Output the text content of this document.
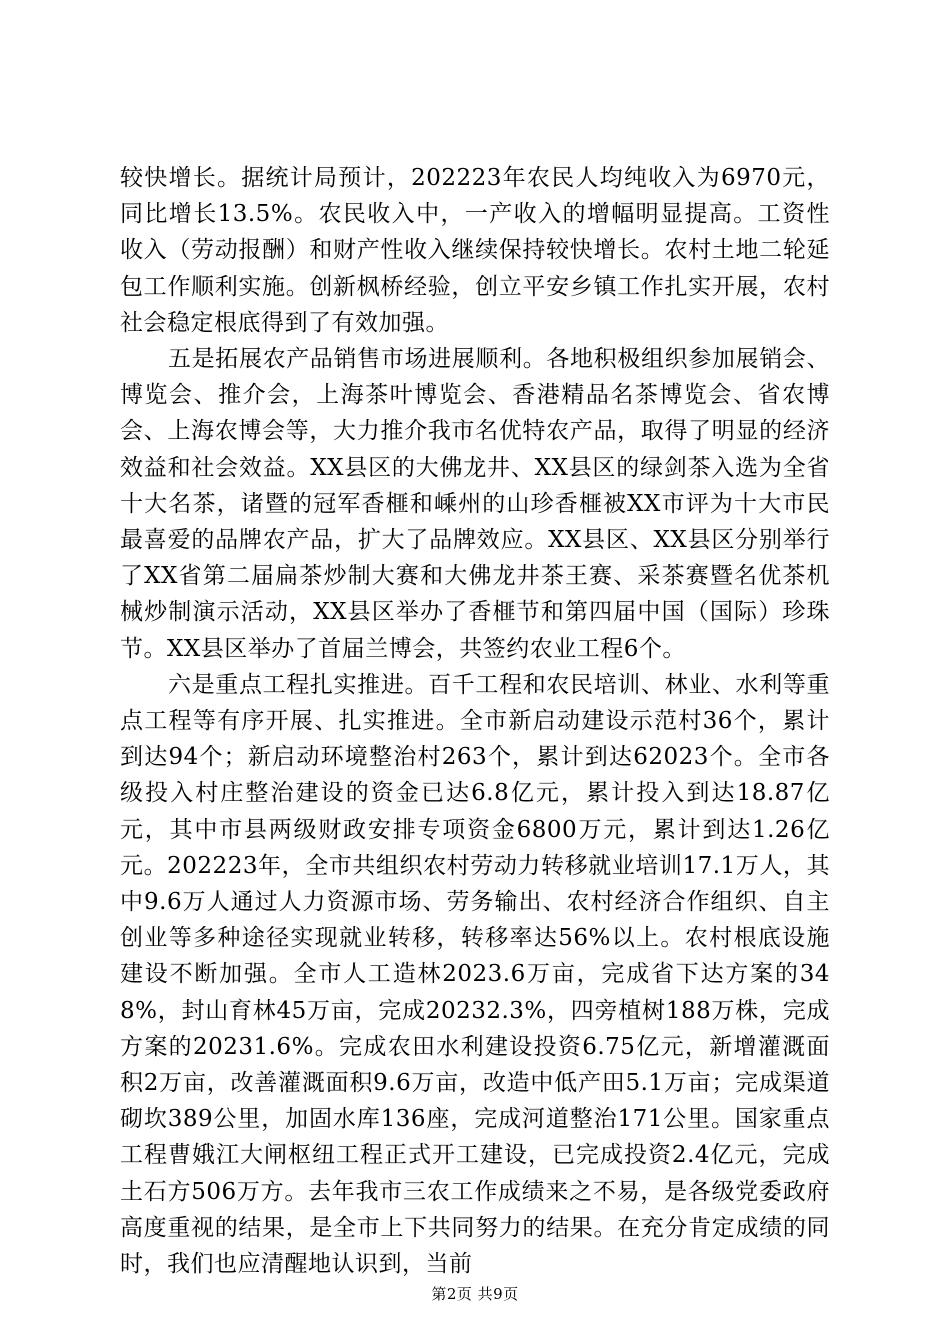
较快增长。据统计局预计，202223年农民人均纯收入为6970元，同比增长13.5%。农民收入中，一产收入的增幅明显提高。工资性收入（劳动报酬）和财产性收入继续保持较快增长。农村土地二轮延包工作顺利实施。创新枫桥经验，创立平安乡镇工作扎实开展，农村社会稳定根底得到了有效加强。

五是拓展农产品销售市场进展顺利。各地积极组织参加展销会、博览会、推介会，上海茶叶博览会、香港精品名茶博览会、省农博会、上海农博会等，大力推介我市名优特农产品，取得了明显的经济效益和社会效益。XX县区的大佛龙井、XX县区的绿剑茶入选为全省十大名茶，诸暨的冠军香榧和嵊州的山珍香榧被XX市评为十大市民最喜爱的品牌农产品，扩大了品牌效应。XX县区、XX县区分别举行了XX省第二届扁茶炒制大赛和大佛龙井茶王赛、采茶赛暨名优茶机械炒制演示活动，XX县区举办了香榧节和第四届中国（国际）珍珠节。XX县区举办了首届兰博会，共签约农业工程6个。

六是重点工程扎实推进。百千工程和农民培训、林业、水利等重点工程等有序开展、扎实推进。全市新启动建设示范村36个，累计到达94个；新启动环境整治村263个，累计到达62023个。全市各级投入村庄整治建设的资金已达6.8亿元，累计投入到达18.87亿元，其中市县两级财政安排专项资金6800万元，累计到达1.26亿元。202223年，全市共组织农村劳动力转移就业培训17.1万人，其中9.6万人通过人力资源市场、劳务输出、农村经济合作组织、自主创业等多种途径实现就业转移，转移率达56%以上。农村根底设施建设不断加强。全市人工造林2023.6万亩，完成省下达方案的348%，封山育林45万亩，完成20232.3%，四旁植树188万株，完成方案的20231.6%。完成农田水利建设投资6.75亿元，新增灌溉面积2万亩，改善灌溉面积9.6万亩，改造中低产田5.1万亩；完成渠道砌坎389公里，加固水库136座，完成河道整治171公里。国家重点工程曹娥江大闸枢纽工程正式开工建设，已完成投资2.4亿元，完成土石方506万方。去年我市三农工作成绩来之不易，是各级党委政府高度重视的结果，是全市上下共同努力的结果。在充分肯定成绩的同时，我们也应清醒地认识到，当前

第2页 共9页
